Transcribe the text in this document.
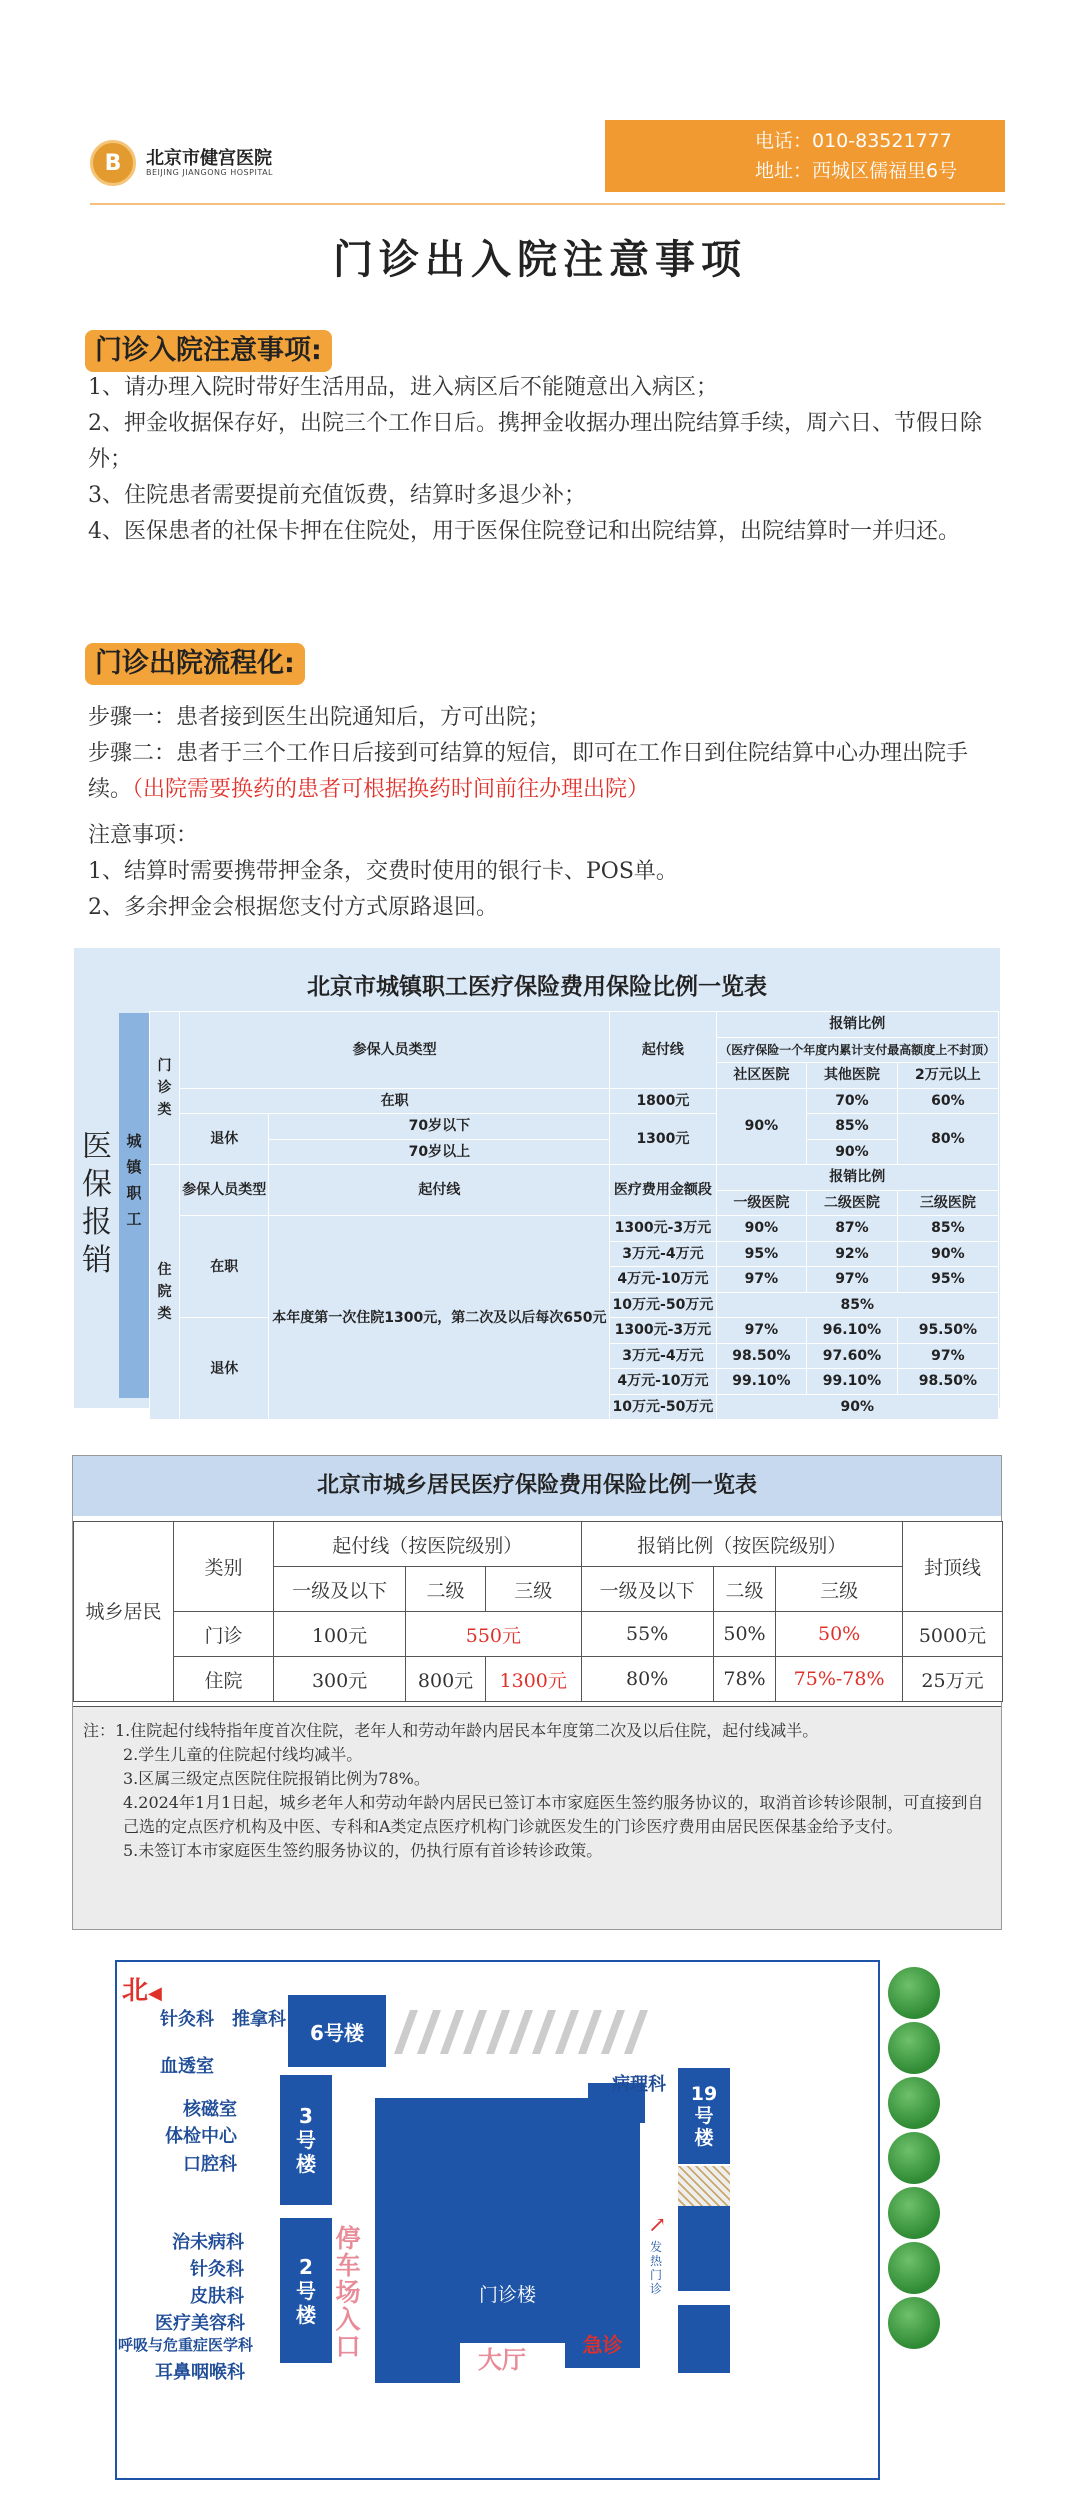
B	北京市健宫医院
BEIJING JIANGONG HOSPITAL
电话：010-83521777
地址：西城区儒福里6号
门诊出入院注意事项
门诊入院注意事项:

1、请办理入院时带好生活用品，进入病区后不能随意出入病区；

2、押金收据保存好，出院三个工作日后。携押金收据办理出院结算手续，周六日、节假日除外；

3、住院患者需要提前充值饭费，结算时多退少补；

4、医保患者的社保卡押在住院处，用于医保住院登记和出院结算，出院结算时一并归还。

门诊出院流程化:

步骤一：患者接到医生出院通知后，方可出院；

步骤二：患者于三个工作日后接到可结算的短信，即可在工作日到住院结算中心办理出院手续。（出院需要换药的患者可根据换药时间前往办理出院）

注意事项：

1、结算时需要携带押金条，交费时使用的银行卡、POS单。

2、多余押金会根据您支付方式原路退回。

北京市城镇职工医疗保险费用保险比例一览表
医保报销
城镇职工
门诊类	参保人员类型		起付线	报销比例		
				（医疗保险一个年度内累计支付最高额度上不封顶）		
				社区医院	其他医院	2万元以上
	在职		1800元	90%	70%	60%
	退休	70岁以下	1300元		85%	80%
		70岁以上			90%	
住院类	参保人员类型	起付线	医疗费用金额段	报销比例		
				一级医院	二级医院	三级医院
	在职	本年度第一次住院1300元，第二次及以后每次650元	1300元-3万元	90%	87%	85%
			3万元-4万元	95%	92%	90%
			4万元-10万元	97%	97%	95%
			10万元-50万元	85%		
	退休		1300元-3万元	97%	96.10%	95.50%
			3万元-4万元	98.50%	97.60%	97%
			4万元-10万元	99.10%	99.10%	98.50%
			10万元-50万元	90%		
北京市城乡居民医疗保险费用保险比例一览表
城乡居民	类别	起付线（按医院级别）			报销比例（按医院级别）			封顶线
		一级及以下	二级	三级	一级及以下	二级	三级	
	门诊	100元	550元		55%	50%	50%	5000元
	住院	300元	800元	1300元	80%	78%	75%-78%	25万元

注：1.住院起付线特指年度首次住院，老年人和劳动年龄内居民本年度第二次及以后住院，起付线减半。

2.学生儿童的住院起付线均减半。

3.区属三级定点医院住院报销比例为78%。

4.2024年1月1日起，城乡老年人和劳动年龄内居民已签订本市家庭医生签约服务协议的，取消首诊转诊限制，可直接到自己选的定点医疗机构及中医、专科和A类定点医疗机构门诊就医发生的门诊医疗费用由居民医保基金给予支付。

5.未签订本市家庭医生签约服务协议的，仍执行原有首诊转诊政策。

北◀
针灸科 推拿科
6号楼
血透室
3号楼
核磁室
体检中心
口腔科
2号楼
治未病科
针灸科
皮肤科
医疗美容科
呼吸与危重症医学科
耳鼻咽喉科
停车场入口
门诊楼
急诊
大厅
病理科	19号楼
↗
发热门诊
